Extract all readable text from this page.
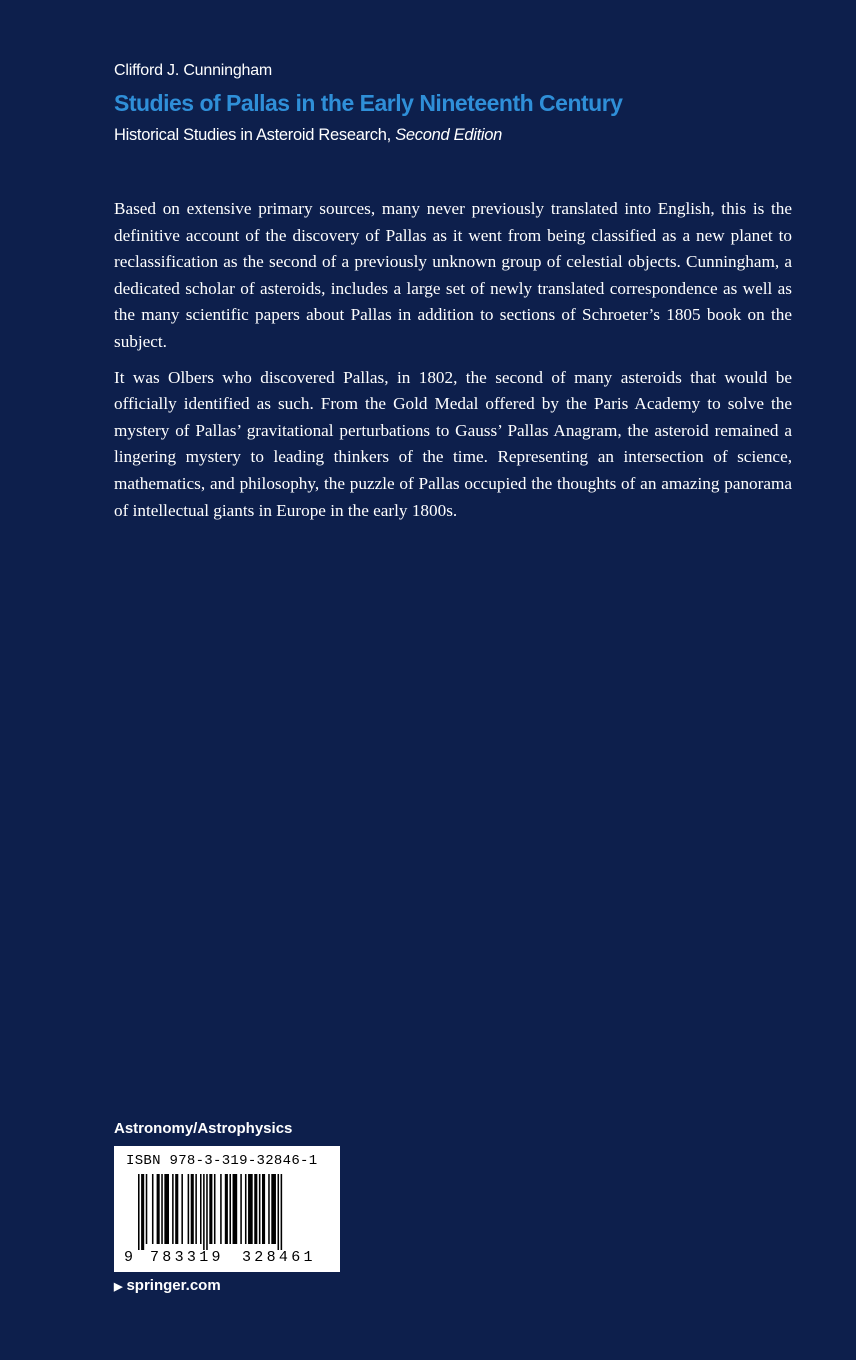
Clifford J. Cunningham
Studies of Pallas in the Early Nineteenth Century
Historical Studies in Asteroid Research, Second Edition

Based on extensive primary sources, many never previously translated into English, this is the definitive account of the discovery of Pallas as it went from being classified as a new planet to reclassification as the second of a previously unknown group of celestial objects. Cunningham, a dedicated scholar of asteroids, includes a large set of newly translated correspondence as well as the many scientific papers about Pallas in addition to sections of Schroeter’s 1805 book on the subject.

It was Olbers who discovered Pallas, in 1802, the second of many asteroids that would be officially identified as such. From the Gold Medal offered by the Paris Academy to solve the mystery of Pallas’ gravitational perturbations to Gauss’ Pallas Anagram, the asteroid remained a lingering mystery to leading thinkers of the time. Representing an intersection of science, mathematics, and philosophy, the puzzle of Pallas occupied the thoughts of an amazing panorama of intellectual giants in Europe in the early 1800s.

Astronomy/Astrophysics
ISBN 978-3-319-32846-1
9 783319 328461
▶ springer.com
